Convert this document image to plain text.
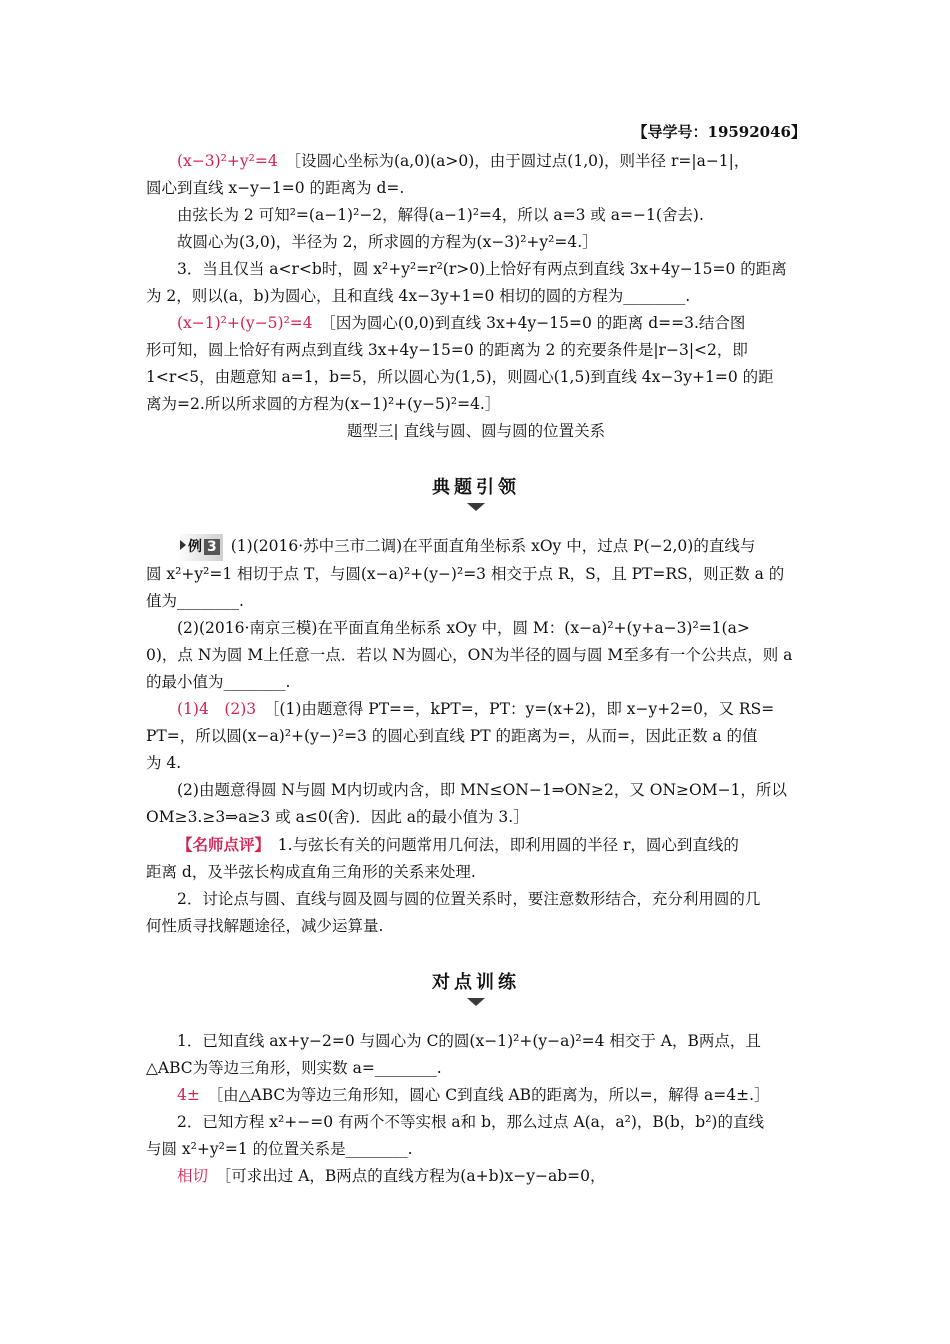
【导学号：19592046】

(x−3)²+y²=4　 ［设圆心坐标为(a,0)(a>0)，由于圆过点(1,0)，则半径 r=|a−1|，

圆心到直线 x−y−1=0 的距离为 d=.

由弦长为 2 可知²=(a−1)²−2，解得(a−1)²=4，所以 a=3 或 a=−1(舍去).

故圆心为(3,0)，半径为 2，所求圆的方程为(x−3)²+y²=4.］

3．当且仅当 a<r<b时，圆 x²+y²=r²(r>0)上恰好有两点到直线 3x+4y−15=0 的距离

为 2，则以(a，b)为圆心，且和直线 4x−3y+1=0 相切的圆的方程为________.

(x−1)²+(y−5)²=4　 ［因为圆心(0,0)到直线 3x+4y−15=0 的距离 d==3.结合图

形可知，圆上恰好有两点到直线 3x+4y−15=0 的距离为 2 的充要条件是|r−3|<2，即

1<r<5，由题意知 a=1，b=5，所以圆心为(1,5)，则圆心(1,5)到直线 4x−3y+1=0 的距

离为=2.所以所求圆的方程为(x−1)²+(y−5)²=4.］

题型三| 直线与圆、圆与圆的位置关系

典题引领

例 3 (1)(2016·苏中三市二调)在平面直角坐标系 xOy 中，过点 P(−2,0)的直线与

圆 x²+y²=1 相切于点 T，与圆(x−a)²+(y−)²=3 相交于点 R，S，且 PT=RS，则正数 a 的

值为________.

(2)(2016·南京三模)在平面直角坐标系 xOy 中，圆 M：(x−a)²+(y+a−3)²=1(a>

0)，点 N为圆 M上任意一点．若以 N为圆心，ON为半径的圆与圆 M至多有一个公共点，则 a

的最小值为________.

(1)4　(2)3　 ［(1)由题意得 PT==，kPT=，PT：y=(x+2)，即 x−y+2=0，又 RS=

PT=，所以圆(x−a)²+(y−)²=3 的圆心到直线 PT 的距离为=，从而=，因此正数 a 的值

为 4.

(2)由题意得圆 N与圆 M内切或内含，即 MN≤ON−1⇒ON≥2，又 ON≥OM−1，所以

OM≥3.≥3⇒a≥3 或 a≤0(舍)．因此 a的最小值为 3.］

【名师点评】　 1.与弦长有关的问题常用几何法，即利用圆的半径 r，圆心到直线的

距离 d，及半弦长构成直角三角形的关系来处理.

2．讨论点与圆、直线与圆及圆与圆的位置关系时，要注意数形结合，充分利用圆的几

何性质寻找解题途径，减少运算量.

对点训练

1．已知直线 ax+y−2=0 与圆心为 C的圆(x−1)²+(y−a)²=4 相交于 A，B两点，且

△ABC为等边三角形，则实数 a=________.

4±　 ［由△ABC为等边三角形知，圆心 C到直线 AB的距离为，所以=，解得 a=4±.］

2．已知方程 x²+−=0 有两个不等实根 a和 b，那么过点 A(a，a²)，B(b，b²)的直线

与圆 x²+y²=1 的位置关系是________.

相切　 ［可求出过 A，B两点的直线方程为(a+b)x−y−ab=0，
